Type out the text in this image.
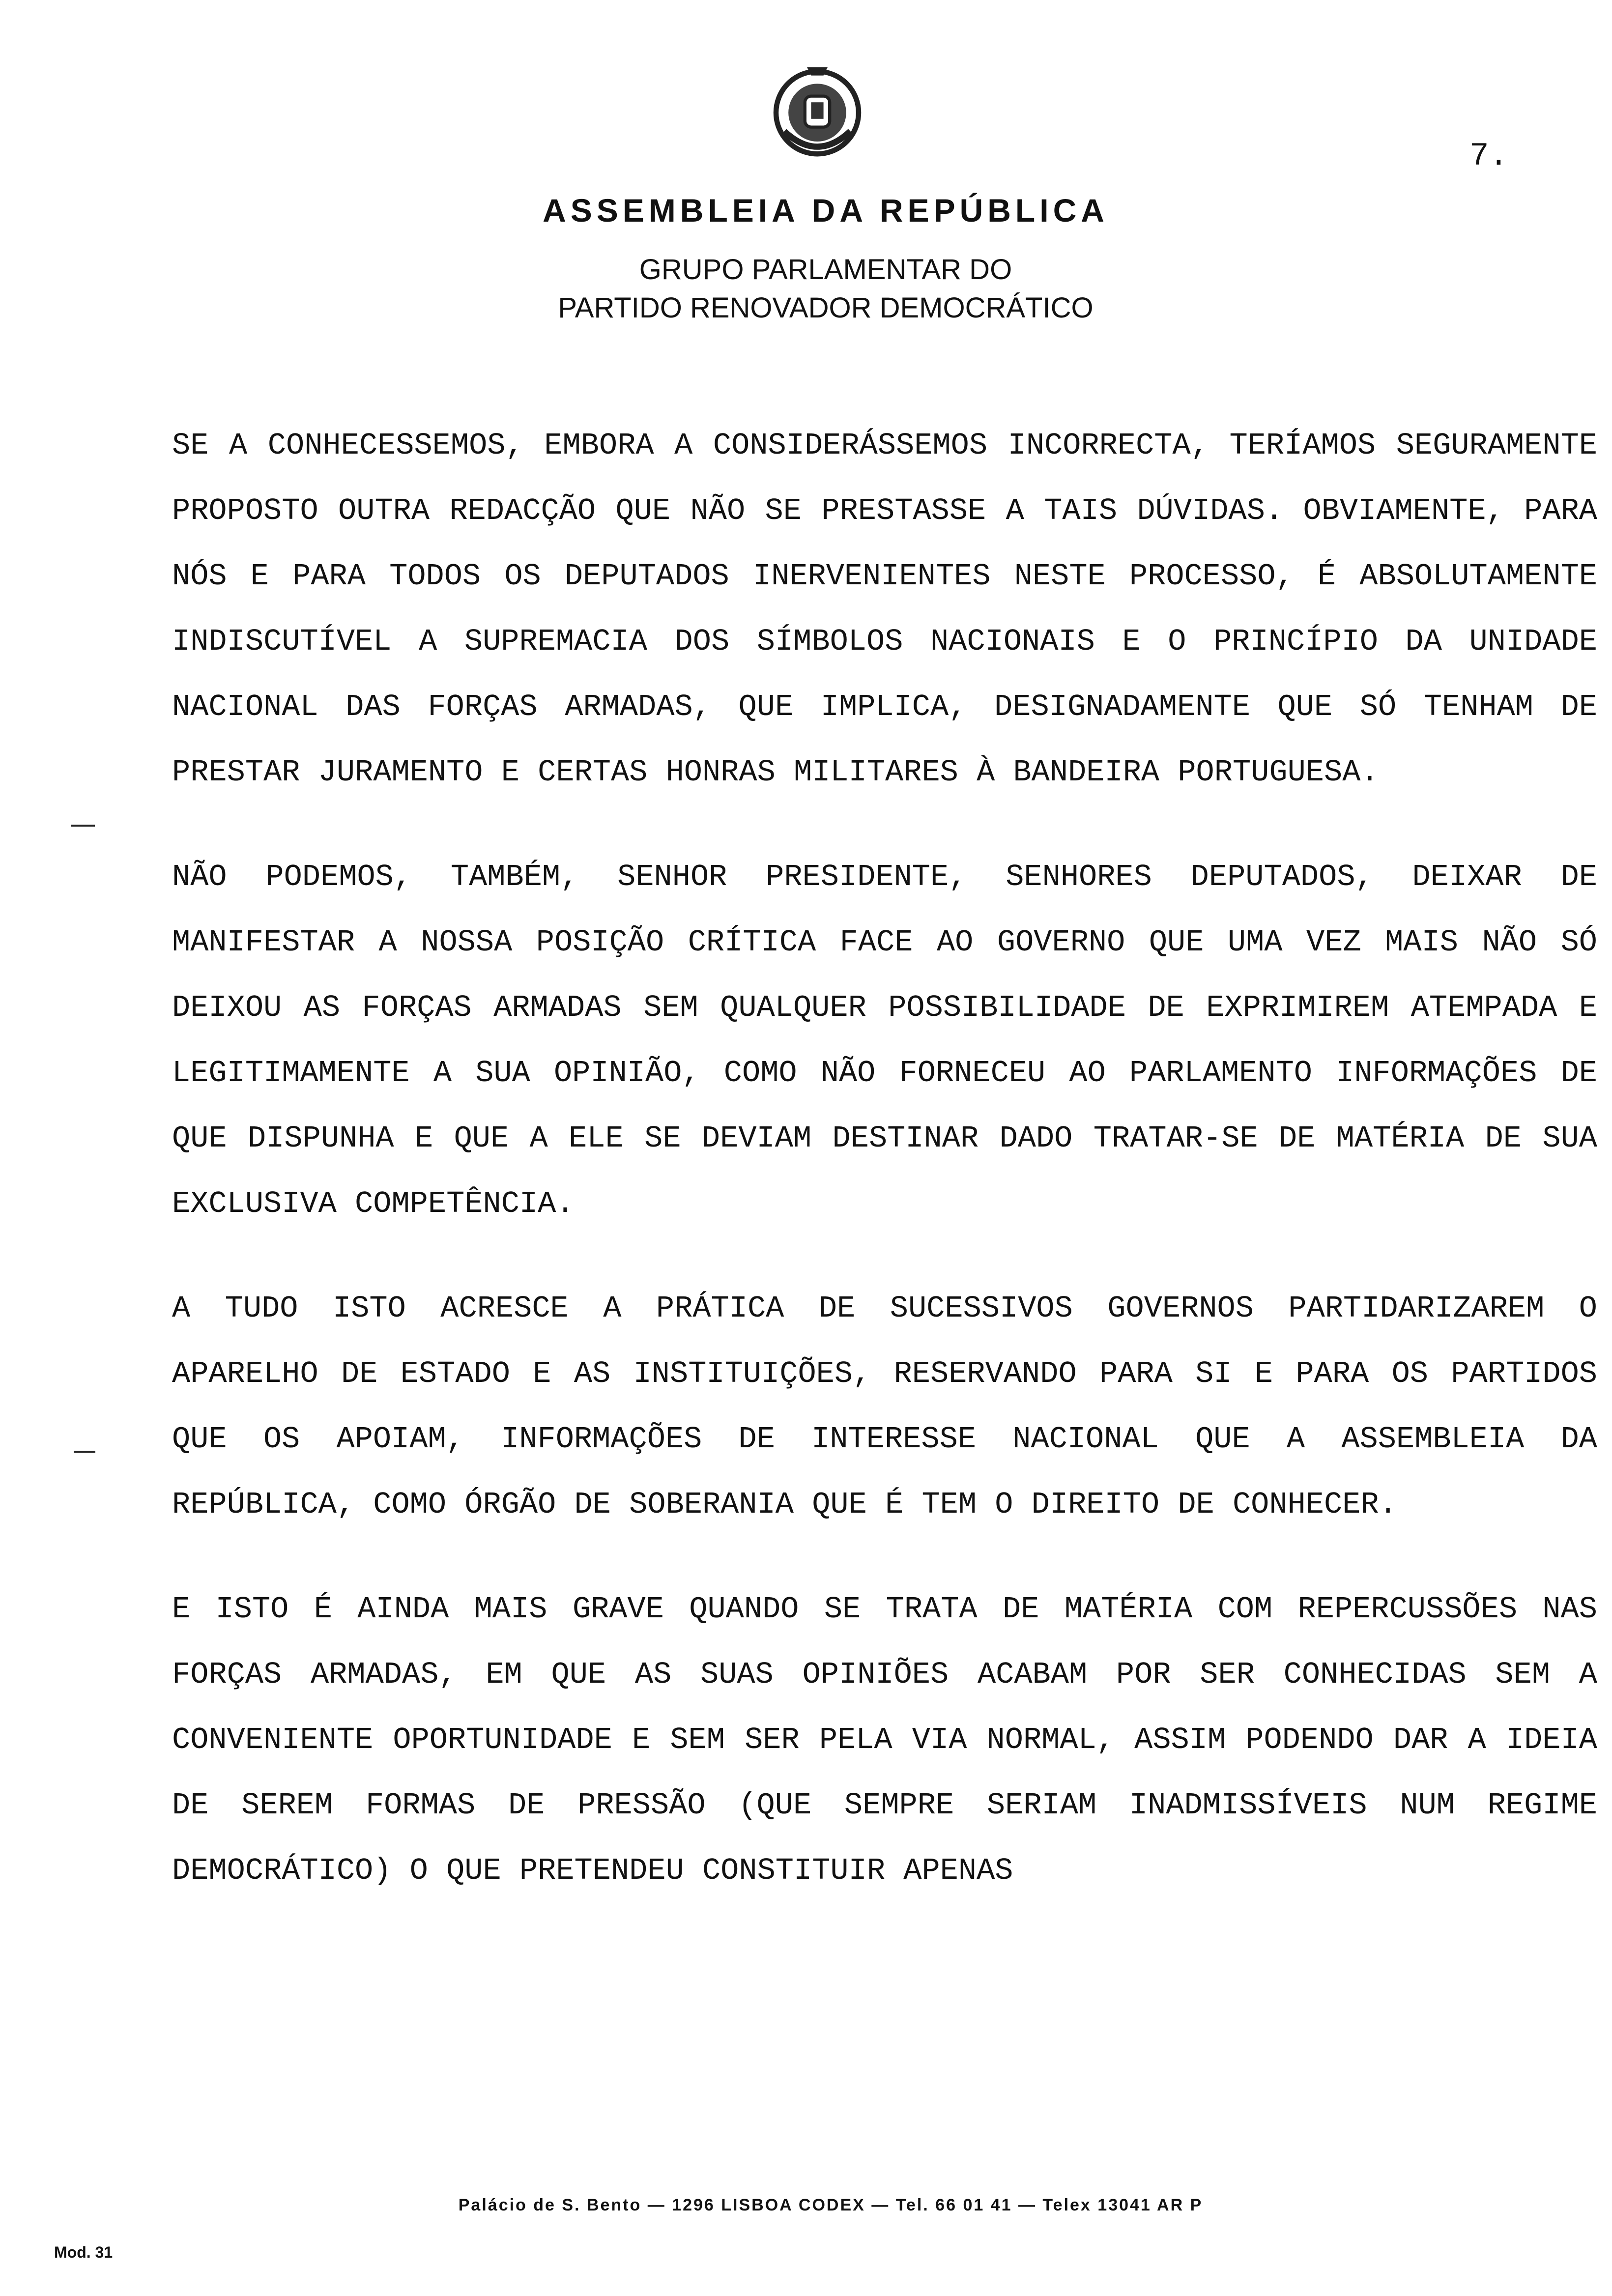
7.
ASSEMBLEIA DA REPÚBLICA
GRUPO PARLAMENTAR DO
PARTIDO RENOVADOR DEMOCRÁTICO

SE A CONHECESSEMOS, EMBORA A CONSIDERÁSSEMOS INCORRECTA, TERÍAMOS SEGURAMENTE PROPOSTO OUTRA REDACÇÃO QUE NÃO SE PRESTASSE A TAIS DÚVIDAS. OBVIAMENTE, PARA NÓS E PARA TODOS OS DEPUTADOS INERVENIENTES NESTE PROCESSO, É ABSOLUTAMENTE INDISCUTÍVEL A SUPREMACIA DOS SÍMBOLOS NACIONAIS E O PRINCÍPIO DA UNIDADE NACIONAL DAS FORÇAS ARMADAS, QUE IMPLICA, DESIGNADAMENTE QUE SÓ TENHAM DE PRESTAR JURAMENTO E CERTAS HONRAS MILITARES À BANDEIRA PORTUGUESA.

NÃO PODEMOS, TAMBÉM, SENHOR PRESIDENTE, SENHORES DEPUTADOS, DEIXAR DE MANIFESTAR A NOSSA POSIÇÃO CRÍTICA FACE AO GOVERNO QUE UMA VEZ MAIS NÃO SÓ DEIXOU AS FORÇAS ARMADAS SEM QUALQUER POSSIBILIDADE DE EXPRIMIREM ATEMPADA E LEGITIMAMENTE A SUA OPINIÃO, COMO NÃO FORNECEU AO PARLAMENTO INFORMAÇÕES DE QUE DISPUNHA E QUE A ELE SE DEVIAM DESTINAR DADO TRATAR-SE DE MATÉRIA DE SUA EXCLUSIVA COMPETÊNCIA.

A TUDO ISTO ACRESCE A PRÁTICA DE SUCESSIVOS GOVERNOS PARTIDARIZAREM O APARELHO DE ESTADO E AS INSTITUIÇÕES, RESERVANDO PARA SI E PARA OS PARTIDOS QUE OS APOIAM, INFORMAÇÕES DE INTERESSE NACIONAL QUE A ASSEMBLEIA DA REPÚBLICA, COMO ÓRGÃO DE SOBERANIA QUE É TEM O DIREITO DE CONHECER.

E ISTO É AINDA MAIS GRAVE QUANDO SE TRATA DE MATÉRIA COM REPERCUSSÕES NAS FORÇAS ARMADAS, EM QUE AS SUAS OPINIÕES ACABAM POR SER CONHECIDAS SEM A CONVENIENTE OPORTUNIDADE E SEM SER PELA VIA NORMAL, ASSIM PODENDO DAR A IDEIA DE SEREM FORMAS DE PRESSÃO (QUE SEMPRE SERIAM INADMISSÍVEIS NUM REGIME DEMOCRÁTICO) O QUE PRETENDEU CONSTITUIR APENAS

Palácio de S. Bento — 1296 LISBOA CODEX — Tel. 66 01 41 — Telex 13041 AR P
Mod. 31
